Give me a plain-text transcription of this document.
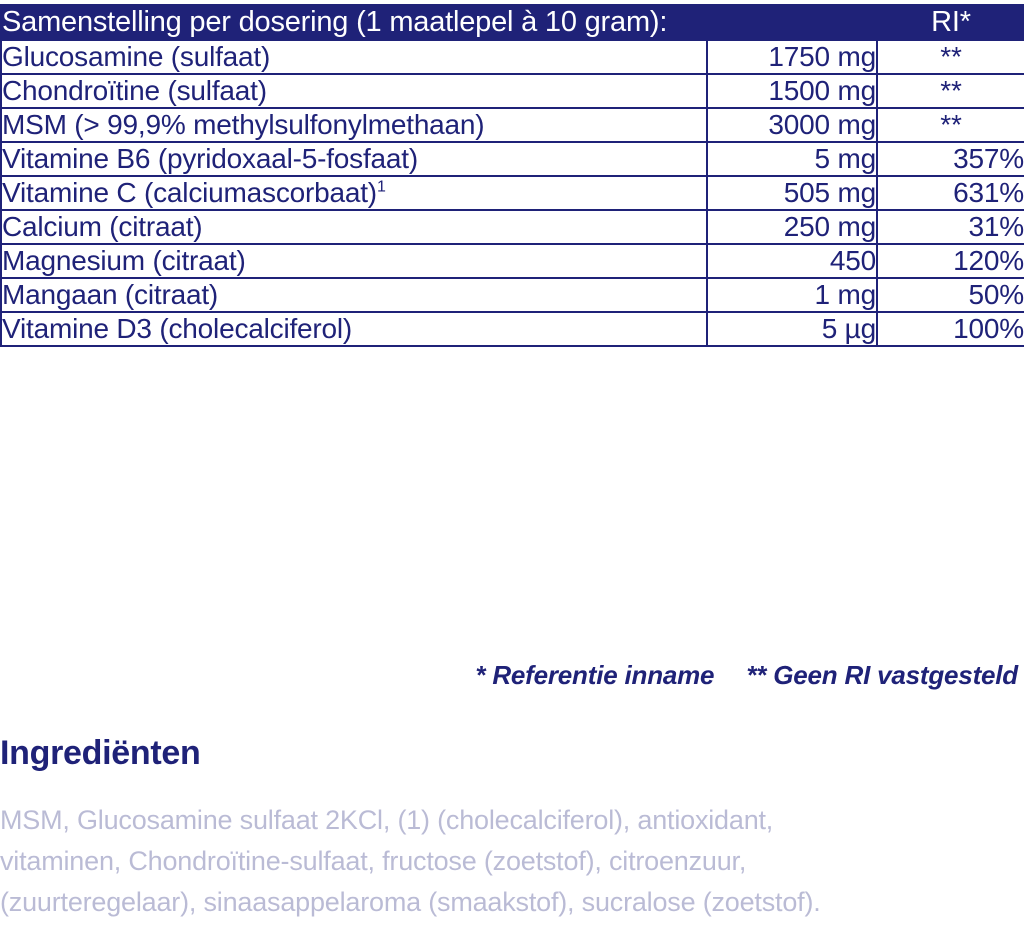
Samenstelling per dosering (1 maatlepel à 10 gram):		RI*
Glucosamine (sulfaat)	1750 mg	**
Chondroïtine (sulfaat)	1500 mg	**
MSM (> 99,9% methylsulfonylmethaan)	3000 mg	**
Vitamine B6 (pyridoxaal-5-fosfaat)	5 mg	357%
Vitamine C (calciumascorbaat)$^1$	505 mg	631%
Calcium (citraat)	250 mg	31%
Magnesium (citraat)	450	120%
Mangaan (citraat)	1 mg	50%
Vitamine D3 (cholecalciferol)	5 µg	100%
* Referentie inname ** Geen RI vastgesteld
Ingrediënten
MSM, Glucosamine sulfaat 2KCl, (1) (cholecalciferol), antioxidant,
vitaminen, Chondroïtine-sulfaat, fructose (zoetstof), citroenzuur,
(zuurteregelaar), sinaasappelaroma (smaakstof), sucralose (zoetstof).
